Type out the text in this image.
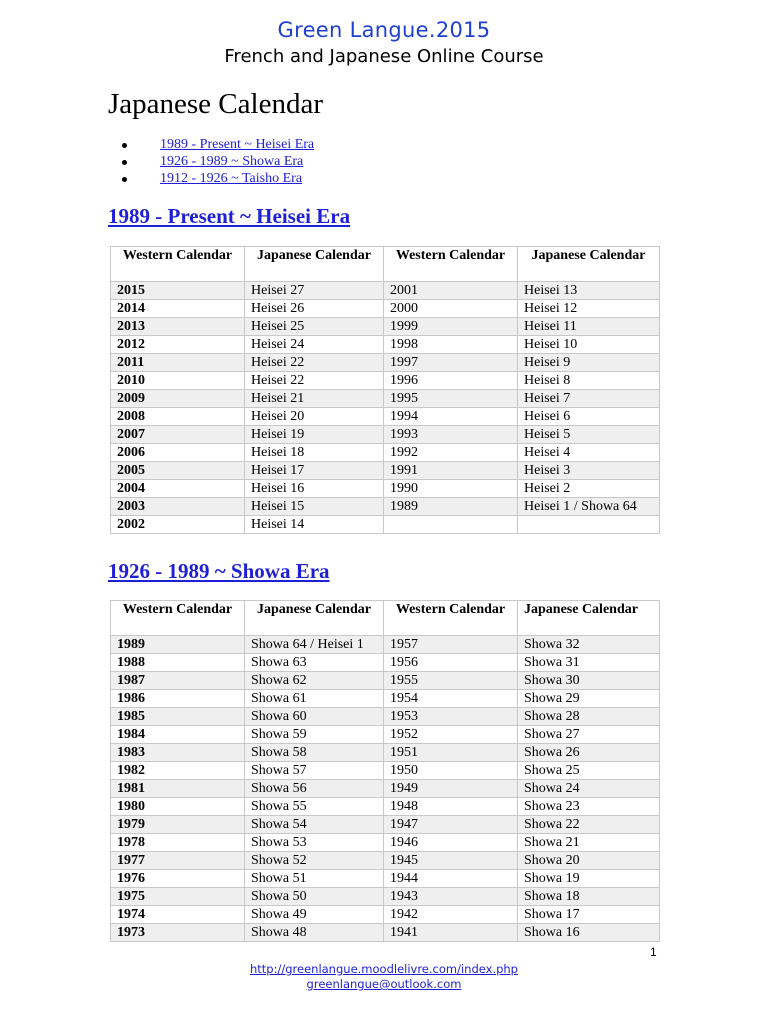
Green Langue.2015
French and Japanese Online Course
Japanese Calendar
1989 - Present ~ Heisei Era
1926 - 1989 ~ Showa Era
1912 - 1926 ~ Taisho Era
1989 - Present ~ Heisei Era
Western Calendar	Japanese Calendar	Western Calendar	Japanese Calendar
2015	Heisei 27	2001	Heisei 13
2014	Heisei 26	2000	Heisei 12
2013	Heisei 25	1999	Heisei 11
2012	Heisei 24	1998	Heisei 10
2011	Heisei 22	1997	Heisei 9
2010	Heisei 22	1996	Heisei 8
2009	Heisei 21	1995	Heisei 7
2008	Heisei 20	1994	Heisei 6
2007	Heisei 19	1993	Heisei 5
2006	Heisei 18	1992	Heisei 4
2005	Heisei 17	1991	Heisei 3
2004	Heisei 16	1990	Heisei 2
2003	Heisei 15	1989	Heisei 1 / Showa 64
2002	Heisei 14		
1926 - 1989 ~ Showa Era
Western Calendar	Japanese Calendar	Western Calendar	Japanese Calendar
1989	Showa 64 / Heisei 1	1957	Showa 32
1988	Showa 63	1956	Showa 31
1987	Showa 62	1955	Showa 30
1986	Showa 61	1954	Showa 29
1985	Showa 60	1953	Showa 28
1984	Showa 59	1952	Showa 27
1983	Showa 58	1951	Showa 26
1982	Showa 57	1950	Showa 25
1981	Showa 56	1949	Showa 24
1980	Showa 55	1948	Showa 23
1979	Showa 54	1947	Showa 22
1978	Showa 53	1946	Showa 21
1977	Showa 52	1945	Showa 20
1976	Showa 51	1944	Showa 19
1975	Showa 50	1943	Showa 18
1974	Showa 49	1942	Showa 17
1973	Showa 48	1941	Showa 16
1
http://greenlangue.moodlelivre.com/index.php
greenlangue@outlook.com
